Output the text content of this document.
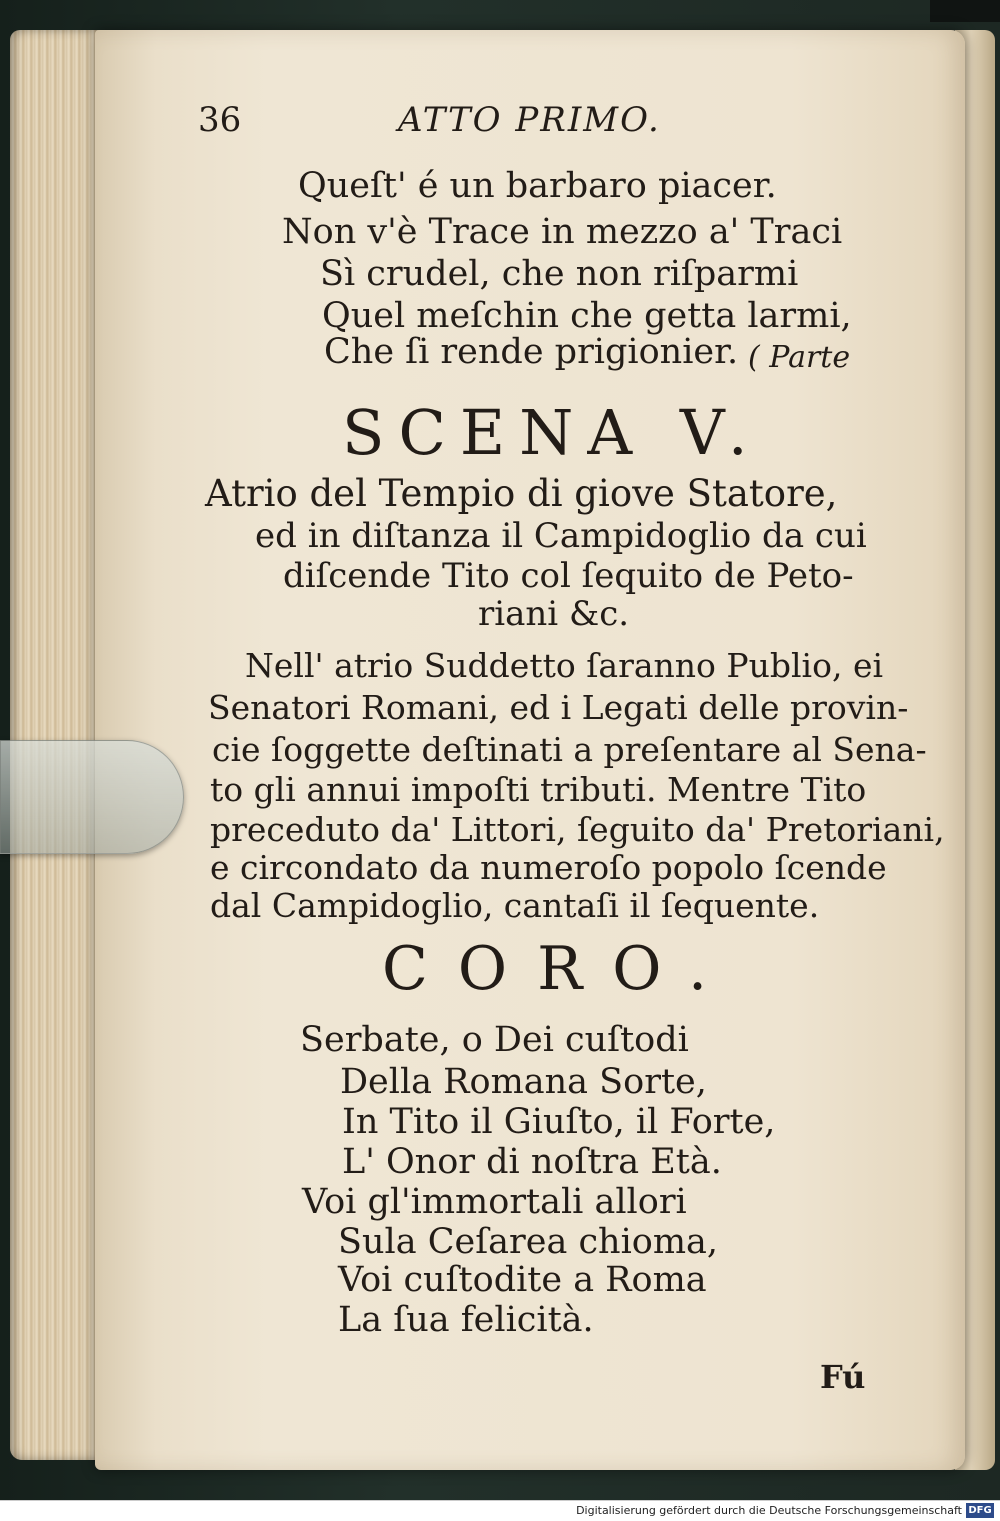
36	ATTO PRIMO.
Queſt' é un barbaro piacer.
Non v'è Trace in mezzo a' Traci
Sì crudel, che non riſparmi
Quel meſchin che getta larmi,
Che ſi rende prigionier. ( Parte
SCENA V.
Atrio del Tempio di giove Statore,
ed in diſtanza il Campidoglio da cui
diſcende Tito col ſequito de Peto-
riani &c.
Nell' atrio Suddetto ſaranno Publio, ei
Senatori Romani, ed i Legati delle provin-
cie ſoggette deſtinati a preſentare al Sena-
to gli annui impoſti tributi. Mentre Tito
preceduto da' Littori, ſeguito da' Pretoriani,
e circondato da numeroſo popolo ſcende
dal Campidoglio, cantaſi il ſequente.
CORO.
Serbate, o Dei cuſtodi
Della Romana Sorte,
In Tito il Giuſto, il Forte,
L' Onor di noſtra Età.
Voi gl'immortali allori
Sula Ceſarea chioma,
Voi cuſtodite a Roma
La ſua felicità.
Fú
Digitalisierung gefördert durch die Deutsche Forschungsgemeinschaft DFG
